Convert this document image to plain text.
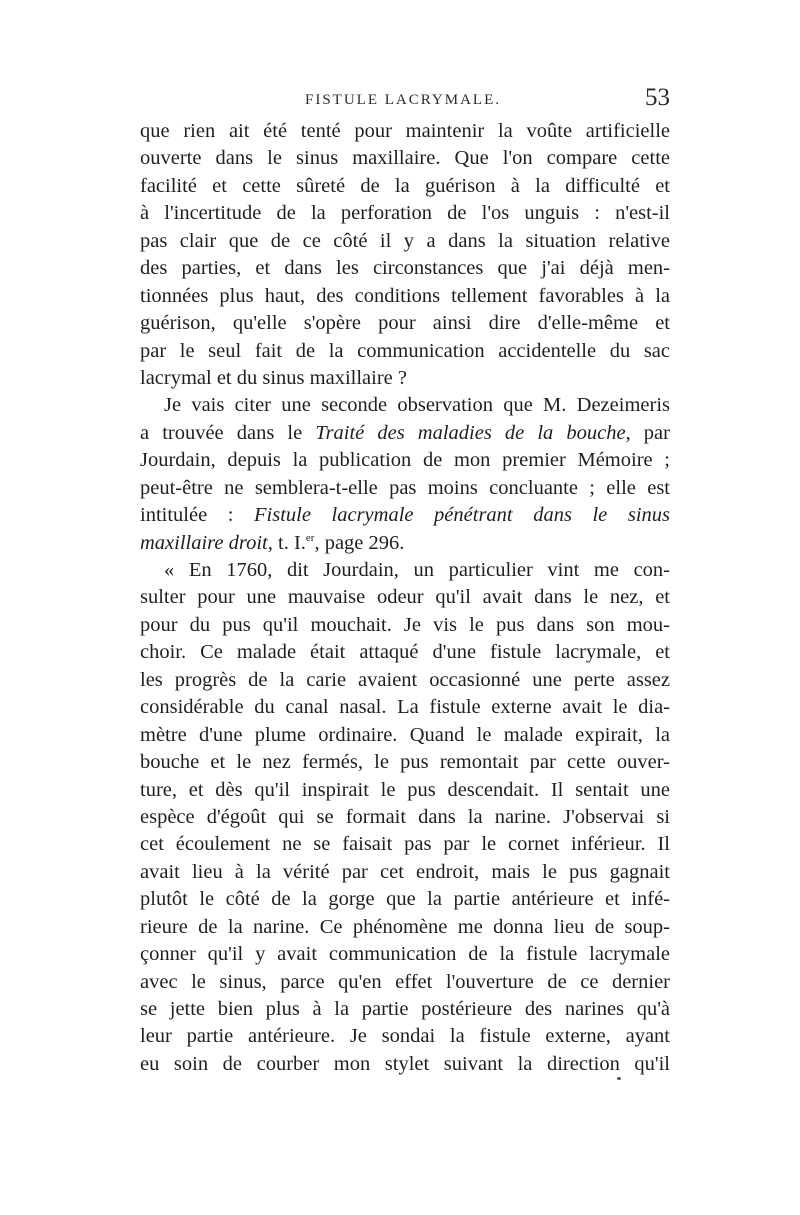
FISTULE LACRYMALE.	53
que rien ait été tenté pour maintenir la voûte artificielle
ouverte dans le sinus maxillaire. Que l'on compare cette
facilité et cette sûreté de la guérison à la difficulté et
à l'incertitude de la perforation de l'os unguis : n'est-il
pas clair que de ce côté il y a dans la situation relative
des parties, et dans les circonstances que j'ai déjà men-
tionnées plus haut, des conditions tellement favorables à la
guérison, qu'elle s'opère pour ainsi dire d'elle-même et
par le seul fait de la communication accidentelle du sac
lacrymal et du sinus maxillaire ?
Je vais citer une seconde observation que M. Dezeimeris
a trouvée dans le Traité des maladies de la bouche, par
Jourdain, depuis la publication de mon premier Mémoire ;
peut-être ne semblera-t-elle pas moins concluante ; elle est
intitulée : Fistule lacrymale pénétrant dans le sinus
maxillaire droit, t. I.$^{er}$, page 296.
« En 1760, dit Jourdain, un particulier vint me con-
sulter pour une mauvaise odeur qu'il avait dans le nez, et
pour du pus qu'il mouchait. Je vis le pus dans son mou-
choir. Ce malade était attaqué d'une fistule lacrymale, et
les progrès de la carie avaient occasionné une perte assez
considérable du canal nasal. La fistule externe avait le dia-
mètre d'une plume ordinaire. Quand le malade expirait, la
bouche et le nez fermés, le pus remontait par cette ouver-
ture, et dès qu'il inspirait le pus descendait. Il sentait une
espèce d'égoût qui se formait dans la narine. J'observai si
cet écoulement ne se faisait pas par le cornet inférieur. Il
avait lieu à la vérité par cet endroit, mais le pus gagnait
plutôt le côté de la gorge que la partie antérieure et infé-
rieure de la narine. Ce phénomène me donna lieu de soup-
çonner qu'il y avait communication de la fistule lacrymale
avec le sinus, parce qu'en effet l'ouverture de ce dernier
se jette bien plus à la partie postérieure des narines qu'à
leur partie antérieure. Je sondai la fistule externe, ayant
eu soin de courber mon stylet suivant la direction qu'il
